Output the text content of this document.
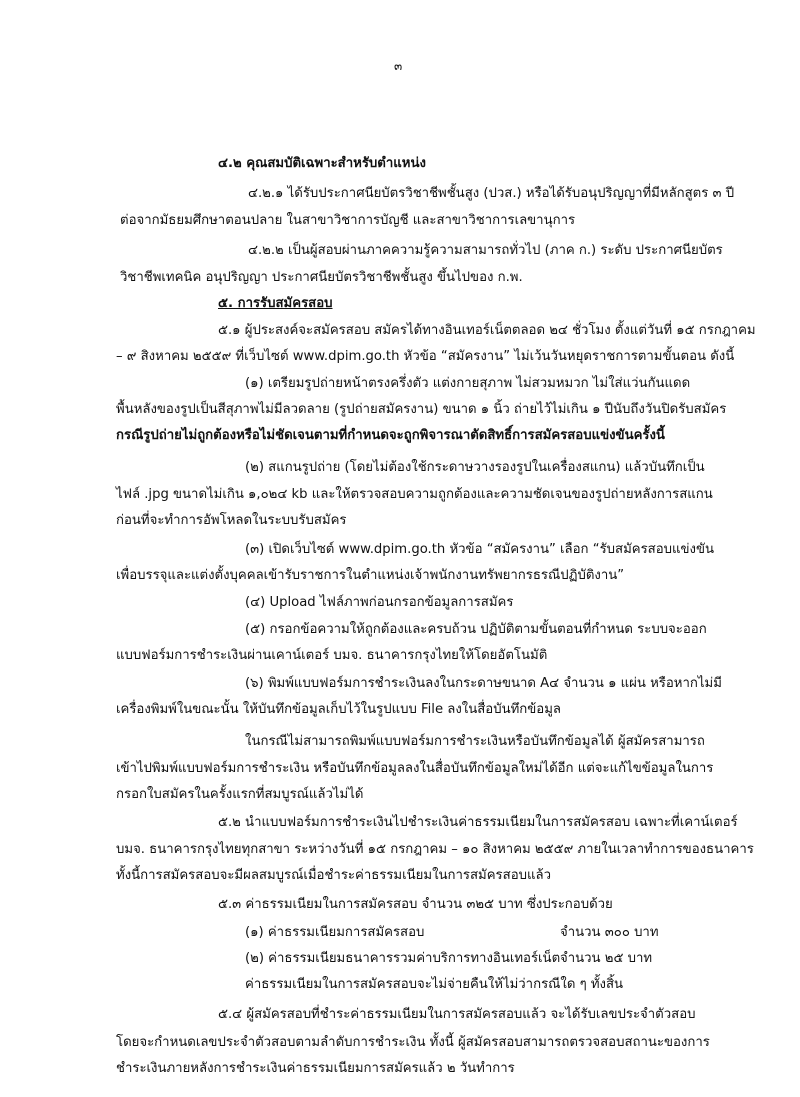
๓
๔.๒ คุณสมบัติเฉพาะสำหรับตำแหน่ง
๔.๒.๑ ได้รับประกาศนียบัตรวิชาชีพชั้นสูง (ปวส.) หรือได้รับอนุปริญญาที่มีหลักสูตร ๓ ปี
ต่อจากมัธยมศึกษาตอนปลาย ในสาขาวิชาการบัญชี และสาขาวิชาการเลขานุการ
๔.๒.๒ เป็นผู้สอบผ่านภาคความรู้ความสามารถทั่วไป (ภาค ก.) ระดับ ประกาศนียบัตร
วิชาชีพเทคนิค อนุปริญญา ประกาศนียบัตรวิชาชีพชั้นสูง ขึ้นไปของ ก.พ.
๕. การรับสมัครสอบ
๕.๑ ผู้ประสงค์จะสมัครสอบ สมัครได้ทางอินเทอร์เน็ตตลอด ๒๔ ชั่วโมง ตั้งแต่วันที่ ๑๕ กรกฎาคม
– ๙ สิงหาคม ๒๕๕๙ ที่เว็บไซต์ www.dpim.go.th หัวข้อ “สมัครงาน” ไม่เว้นวันหยุดราชการตามขั้นตอน ดังนี้
(๑) เตรียมรูปถ่ายหน้าตรงครึ่งตัว แต่งกายสุภาพ ไม่สวมหมวก ไม่ใส่แว่นกันแดด
พื้นหลังของรูปเป็นสีสุภาพไม่มีลวดลาย (รูปถ่ายสมัครงาน) ขนาด ๑ นิ้ว ถ่ายไว้ไม่เกิน ๑ ปีนับถึงวันปิดรับสมัคร
กรณีรูปถ่ายไม่ถูกต้องหรือไม่ชัดเจนตามที่กำหนดจะถูกพิจารณาตัดสิทธิ์การสมัครสอบแข่งขันครั้งนี้
(๒) สแกนรูปถ่าย (โดยไม่ต้องใช้กระดาษวางรองรูปในเครื่องสแกน) แล้วบันทึกเป็น
ไฟล์ .jpg ขนาดไม่เกิน ๑,๐๒๔ kb และให้ตรวจสอบความถูกต้องและความชัดเจนของรูปถ่ายหลังการสแกน
ก่อนที่จะทำการอัพโหลดในระบบรับสมัคร
(๓) เปิดเว็บไซต์ www.dpim.go.th หัวข้อ “สมัครงาน” เลือก “รับสมัครสอบแข่งขัน
เพื่อบรรจุและแต่งตั้งบุคคลเข้ารับราชการในตำแหน่งเจ้าพนักงานทรัพยากรธรณีปฏิบัติงาน”
(๔) Upload ไฟล์ภาพก่อนกรอกข้อมูลการสมัคร
(๕) กรอกข้อความให้ถูกต้องและครบถ้วน ปฏิบัติตามขั้นตอนที่กำหนด ระบบจะออก
แบบฟอร์มการชำระเงินผ่านเคาน์เตอร์ บมจ. ธนาคารกรุงไทยให้โดยอัตโนมัติ
(๖) พิมพ์แบบฟอร์มการชำระเงินลงในกระดาษขนาด A๔ จำนวน ๑ แผ่น หรือหากไม่มี
เครื่องพิมพ์ในขณะนั้น ให้บันทึกข้อมูลเก็บไว้ในรูปแบบ File ลงในสื่อบันทึกข้อมูล
ในกรณีไม่สามารถพิมพ์แบบฟอร์มการชำระเงินหรือบันทึกข้อมูลได้ ผู้สมัครสามารถ
เข้าไปพิมพ์แบบฟอร์มการชำระเงิน หรือบันทึกข้อมูลลงในสื่อบันทึกข้อมูลใหม่ได้อีก แต่จะแก้ไขข้อมูลในการ
กรอกใบสมัครในครั้งแรกที่สมบูรณ์แล้วไม่ได้
๕.๒ นำแบบฟอร์มการชำระเงินไปชำระเงินค่าธรรมเนียมในการสมัครสอบ เฉพาะที่เคาน์เตอร์
บมจ. ธนาคารกรุงไทยทุกสาขา ระหว่างวันที่ ๑๕ กรกฎาคม – ๑๐ สิงหาคม ๒๕๕๙ ภายในเวลาทำการของธนาคาร
ทั้งนี้การสมัครสอบจะมีผลสมบูรณ์เมื่อชำระค่าธรรมเนียมในการสมัครสอบแล้ว
๕.๓ ค่าธรรมเนียมในการสมัครสอบ จำนวน ๓๒๕ บาท ซึ่งประกอบด้วย
(๑) ค่าธรรมเนียมการสมัครสอบ	จำนวน ๓๐๐ บาท
(๒) ค่าธรรมเนียมธนาคารรวมค่าบริการทางอินเทอร์เน็ต จำนวน ๒๕ บาท
ค่าธรรมเนียมในการสมัครสอบจะไม่จ่ายคืนให้ไม่ว่ากรณีใด ๆ ทั้งสิ้น
๕.๔ ผู้สมัครสอบที่ชำระค่าธรรมเนียมในการสมัครสอบแล้ว จะได้รับเลขประจำตัวสอบ
โดยจะกำหนดเลขประจำตัวสอบตามลำดับการชำระเงิน ทั้งนี้ ผู้สมัครสอบสามารถตรวจสอบสถานะของการ
ชำระเงินภายหลังการชำระเงินค่าธรรมเนียมการสมัครแล้ว ๒ วันทำการ
